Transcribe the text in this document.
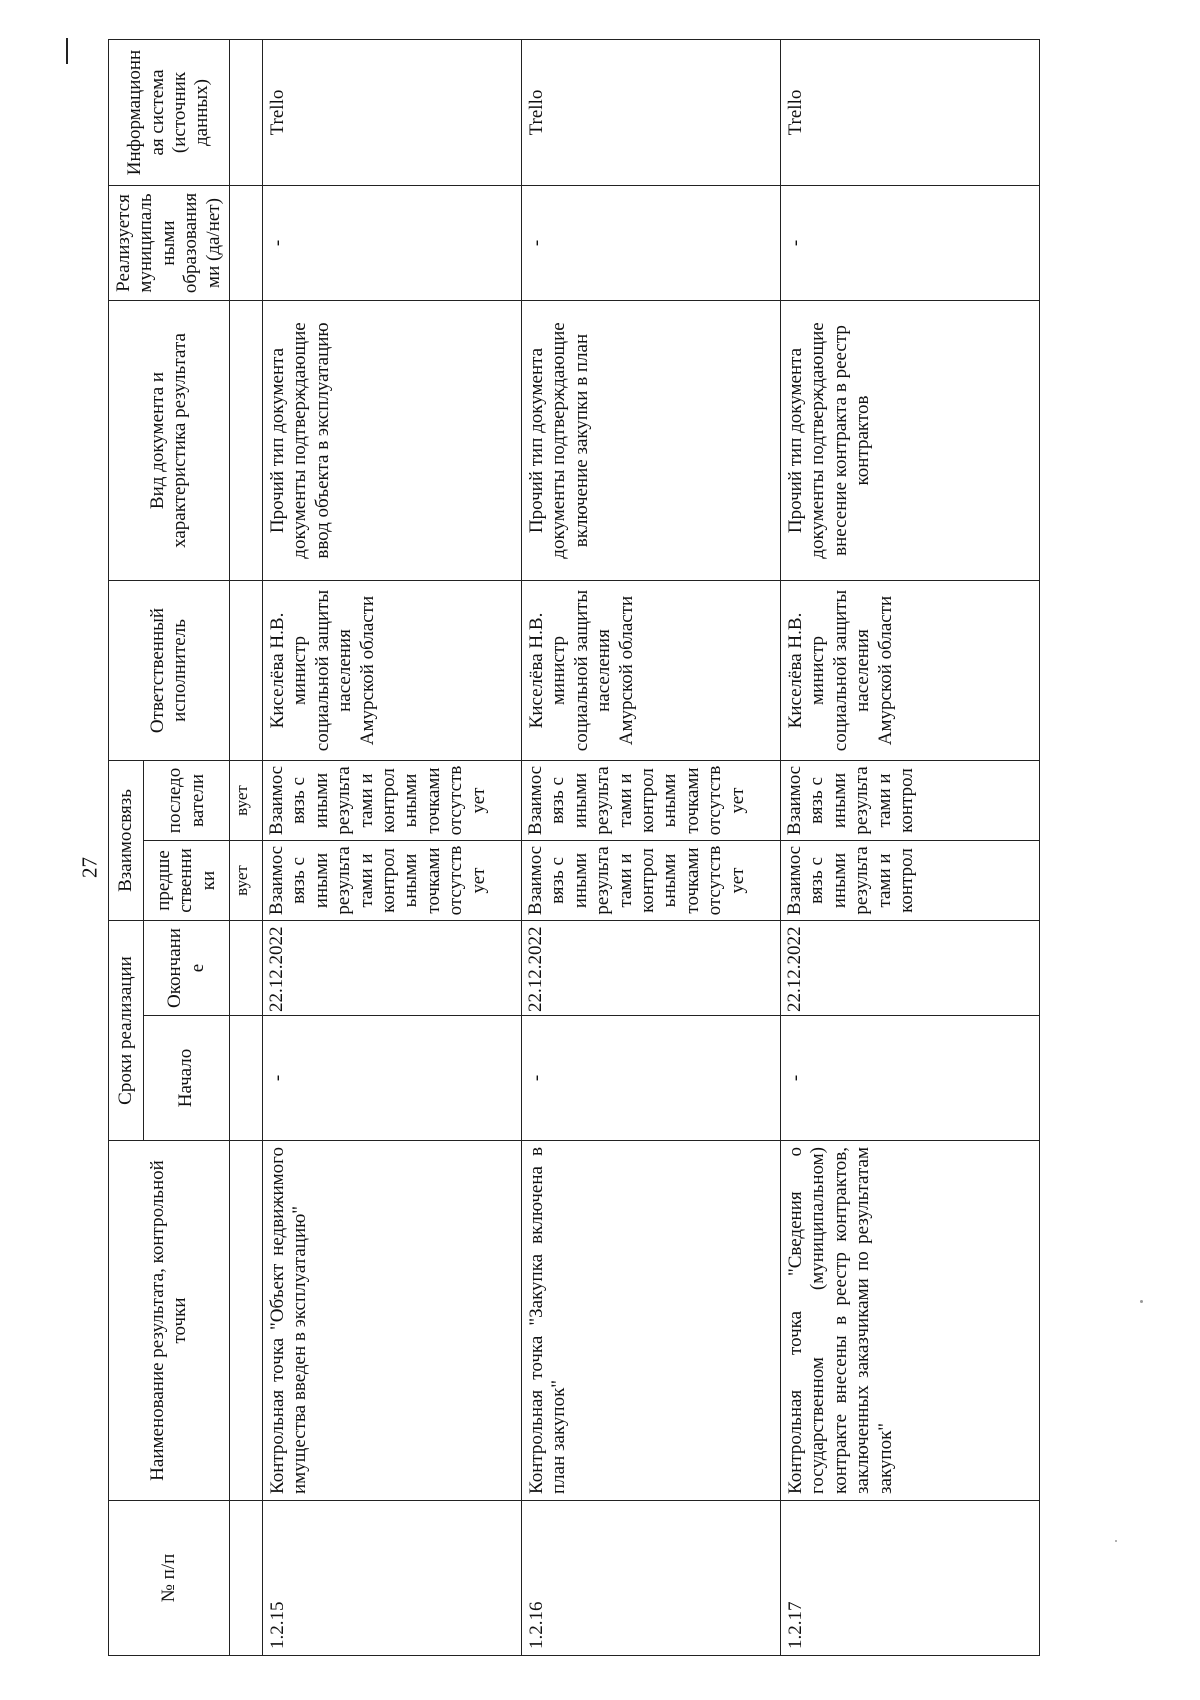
27
№ п/п	Наименование результата, контрольной точки	Сроки реализации		Взаимосвязь		Ответственный исполнитель	Вид документа и характеристика результата	Реализуется муниципальными образованиями (да/нет)	Информационная система (источник данных)
		Начало	Окончание	предшественники	последователи				
				вует	вует				
1.2.15	Контрольная точка "Объект недвижимого имущества введен в эксплуатацию"	-	22.12.2022	Взаимосвязь с иными результатами и контрольными точками отсутствует	Взаимосвязь с иными результатами и контрольными точками отсутствует	Киселёва Н.В. министр социальной защиты населения Амурской области	Прочий тип документа документы подтверждающие ввод объекта в эксплуатацию	-	Trello
1.2.16	Контрольная точка "Закупка включена в план закупок"	-	22.12.2022	Взаимосвязь с иными результатами и контрольными точками отсутствует	Взаимосвязь с иными результатами и контрольными точками отсутствует	Киселёва Н.В. министр социальной защиты населения Амурской области	Прочий тип документа документы подтверждающие включение закупки в план	-	Trello
1.2.17	Контрольная точка "Сведения о государственном (муниципальном) контракте внесены в реестр контрактов, заключенных заказчиками по результатам закупок"	-	22.12.2022	Взаимосвязь с иными результатами и контрол	Взаимосвязь с иными результатами и контрол	Киселёва Н.В. министр социальной защиты населения Амурской области	Прочий тип документа документы подтверждающие внесение контракта в реестр контрактов	-	Trello
